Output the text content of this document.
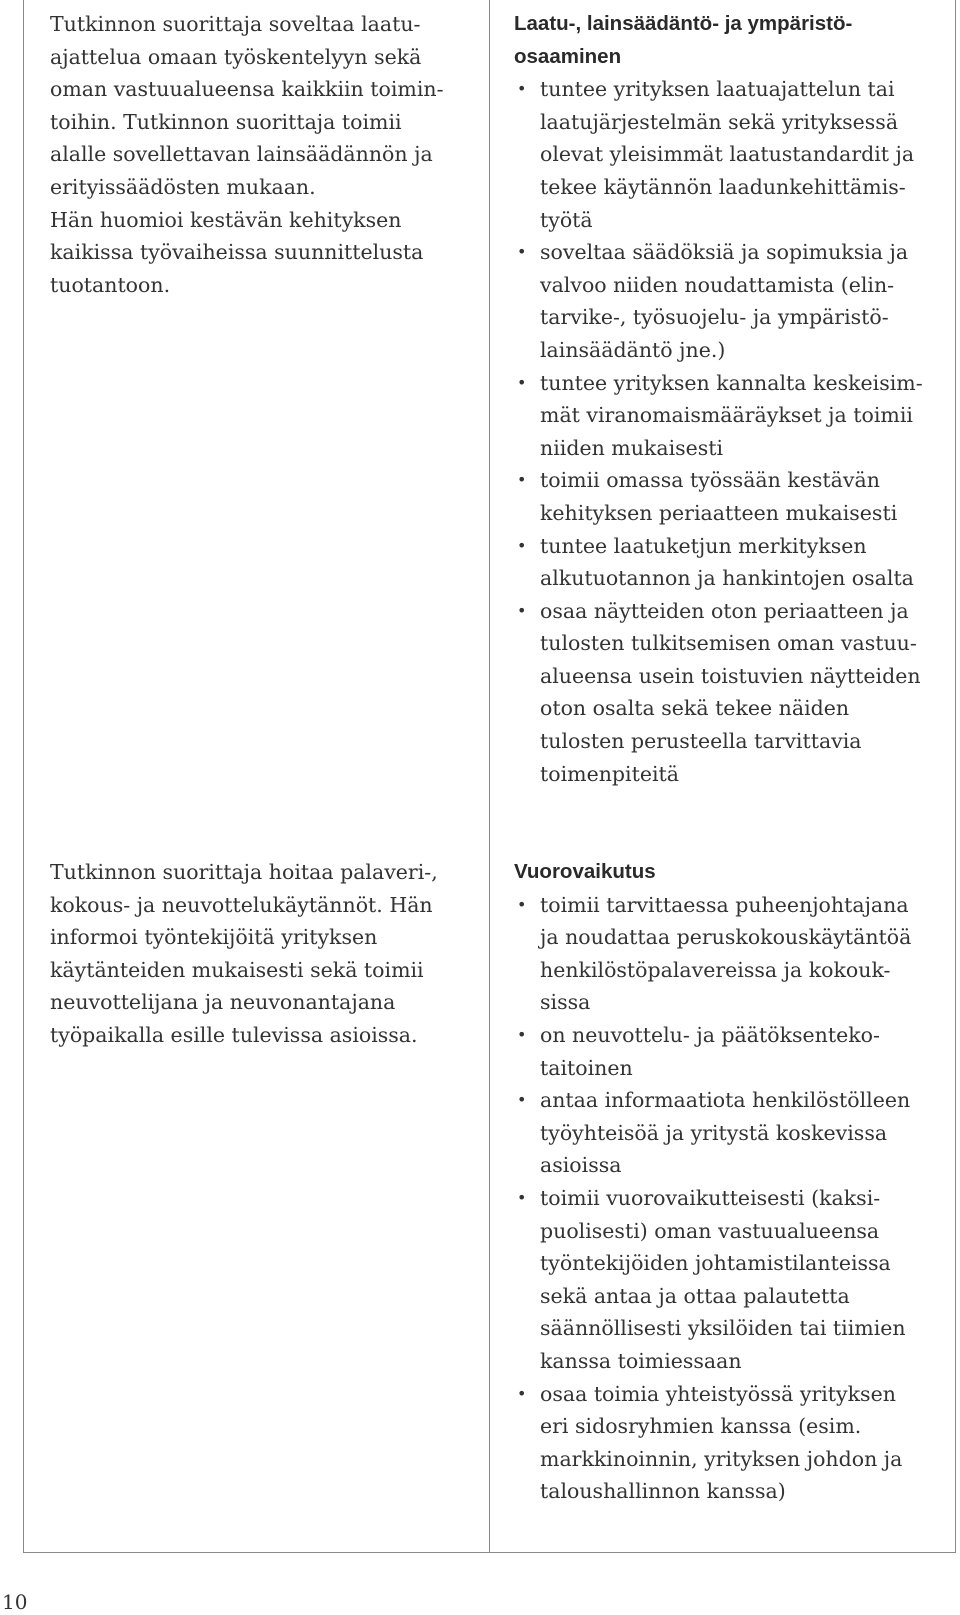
Tutkinnon suorittaja soveltaa laatu-
ajattelua omaan työskentelyyn sekä
oman vastuualueensa kaikkiin toimin-
toihin. Tutkinnon suorittaja toimii
alalle sovellettavan lainsäädännön ja
erityissäädösten mukaan.
Hän huomioi kestävän kehityksen
kaikissa työvaiheissa suunnittelusta
tuotantoon.
Tutkinnon suorittaja hoitaa palaveri-,
kokous- ja neuvottelukäytännöt. Hän
informoi työntekijöitä yrityksen
käytänteiden mukaisesti sekä toimii
neuvottelijana ja neuvonantajana
työpaikalla esille tulevissa asioissa.
Laatu-, lainsäädäntö- ja ympäristö-
osaaminen
• tuntee yrityksen laatuajattelun tai
laatujärjestelmän sekä yrityksessä
olevat yleisimmät laatustandardit ja
tekee käytännön laadunkehittämis-
työtä
• soveltaa säädöksiä ja sopimuksia ja
valvoo niiden noudattamista (elin-
tarvike-, työsuojelu- ja ympäristö-
lainsäädäntö jne.)
• tuntee yrityksen kannalta keskeisim-
mät viranomaismääräykset ja toimii
niiden mukaisesti
• toimii omassa työssään kestävän
kehityksen periaatteen mukaisesti
• tuntee laatuketjun merkityksen
alkutuotannon ja hankintojen osalta
• osaa näytteiden oton periaatteen ja
tulosten tulkitsemisen oman vastuu-
alueensa usein toistuvien näytteiden
oton osalta sekä tekee näiden
tulosten perusteella tarvittavia
toimenpiteitä
Vuorovaikutus
• toimii tarvittaessa puheenjohtajana
ja noudattaa peruskokouskäytäntöä
henkilöstöpalavereissa ja kokouk-
sissa
• on neuvottelu- ja päätöksenteko-
taitoinen
• antaa informaatiota henkilöstölleen
työyhteisöä ja yritystä koskevissa
asioissa
• toimii vuorovaikutteisesti (kaksi-
puolisesti) oman vastuualueensa
työntekijöiden johtamistilanteissa
sekä antaa ja ottaa palautetta
säännöllisesti yksilöiden tai tiimien
kanssa toimiessaan
• osaa toimia yhteistyössä yrityksen
eri sidosryhmien kanssa (esim.
markkinoinnin, yrityksen johdon ja
taloushallinnon kanssa)
10
